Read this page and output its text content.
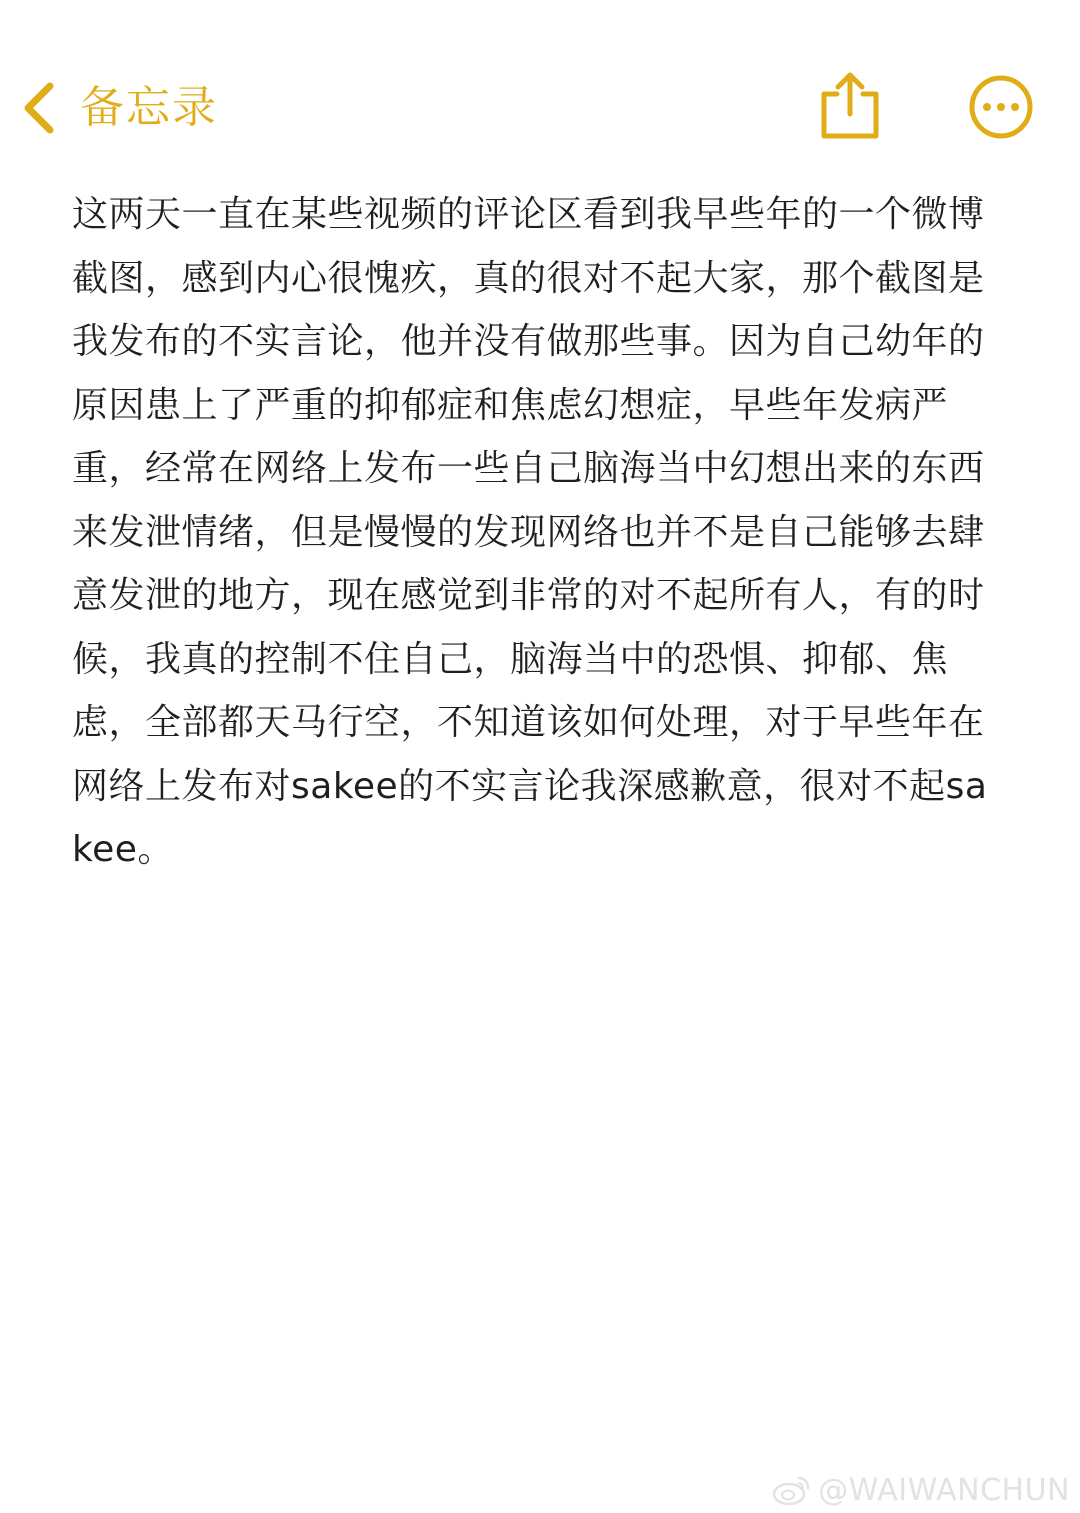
备忘录

这两天一直在某些视频的评论区看到我早些年的一个微博截图，感到内心很愧疚，真的很对不起大家，那个截图是我发布的不实言论，他并没有做那些事。因为自己幼年的原因患上了严重的抑郁症和焦虑幻想症，早些年发病严重，经常在网络上发布一些自己脑海当中幻想出来的东西来发泄情绪，但是慢慢的发现网络也并不是自己能够去肆意发泄的地方，现在感觉到非常的对不起所有人，有的时候，我真的控制不住自己，脑海当中的恐惧、抑郁、焦虑，全部都天马行空，不知道该如何处理，对于早些年在网络上发布对sakee的不实言论我深感歉意，很对不起sakee。

@WAIWANCHUN
